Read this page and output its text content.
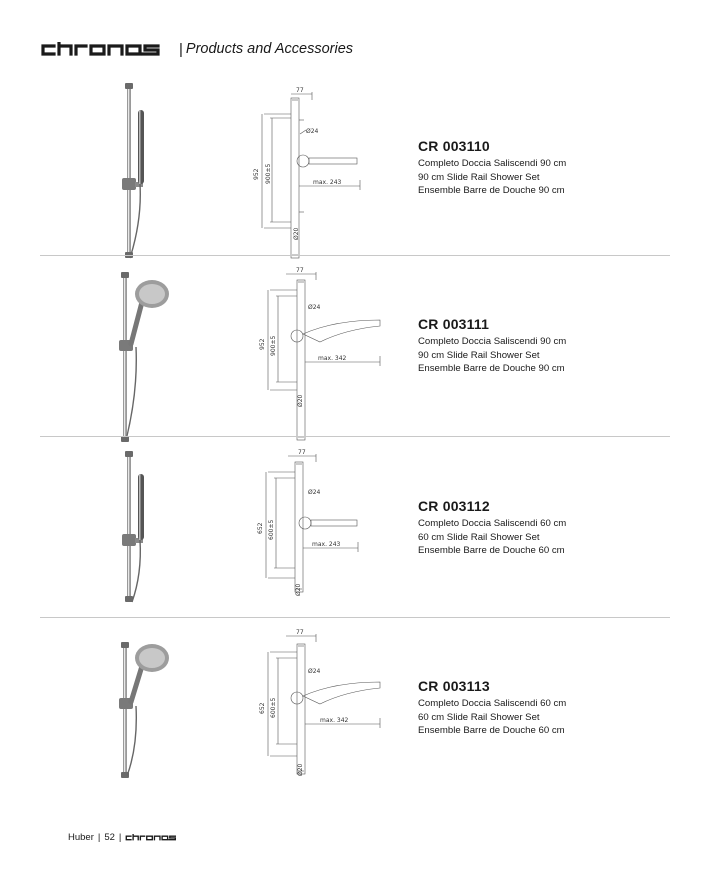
| Products and Accessories
77
Ø24
952 900±5	max. 243
Ø20
CR 003110
Completo Doccia Saliscendi 90 cm
90 cm Slide Rail Shower Set
Ensemble Barre de Douche 90 cm
77
Ø24
952 900±5
max. 342
Ø20
CR 003111
Completo Doccia Saliscendi 90 cm
90 cm Slide Rail Shower Set
Ensemble Barre de Douche 90 cm
77
Ø24
652 600±5
max. 243
Ø20
CR 003112
Completo Doccia Saliscendi 60 cm
60 cm Slide Rail Shower Set
Ensemble Barre de Douche 60 cm
77
Ø24
652 600±5
max. 342
Ø20
CR 003113
Completo Doccia Saliscendi 60 cm
60 cm Slide Rail Shower Set
Ensemble Barre de Douche 60 cm
Huber | 52 |
